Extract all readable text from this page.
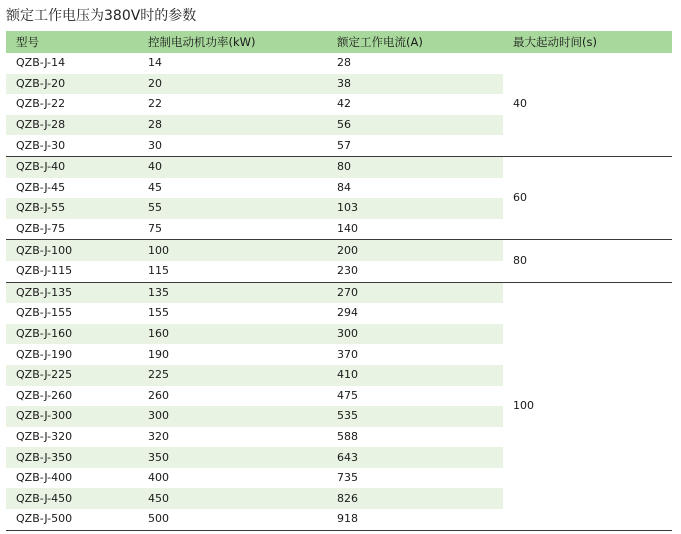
额定工作电压为380V时的参数
型号	控制电动机功率(kW)	额定工作电流(A)	最大起动时间(s)
QZB-J-14	14	28	40
QZB-J-20	20	38	
QZB-J-22	22	42	
QZB-J-28	28	56	
QZB-J-30	30	57	
QZB-J-40	40	80	60
QZB-J-45	45	84	
QZB-J-55	55	103	
QZB-J-75	75	140	
QZB-J-100	100	200	80
QZB-J-115	115	230	
QZB-J-135	135	270	100
QZB-J-155	155	294	
QZB-J-160	160	300	
QZB-J-190	190	370	
QZB-J-225	225	410	
QZB-J-260	260	475	
QZB-J-300	300	535	
QZB-J-320	320	588	
QZB-J-350	350	643	
QZB-J-400	400	735	
QZB-J-450	450	826	
QZB-J-500	500	918	
